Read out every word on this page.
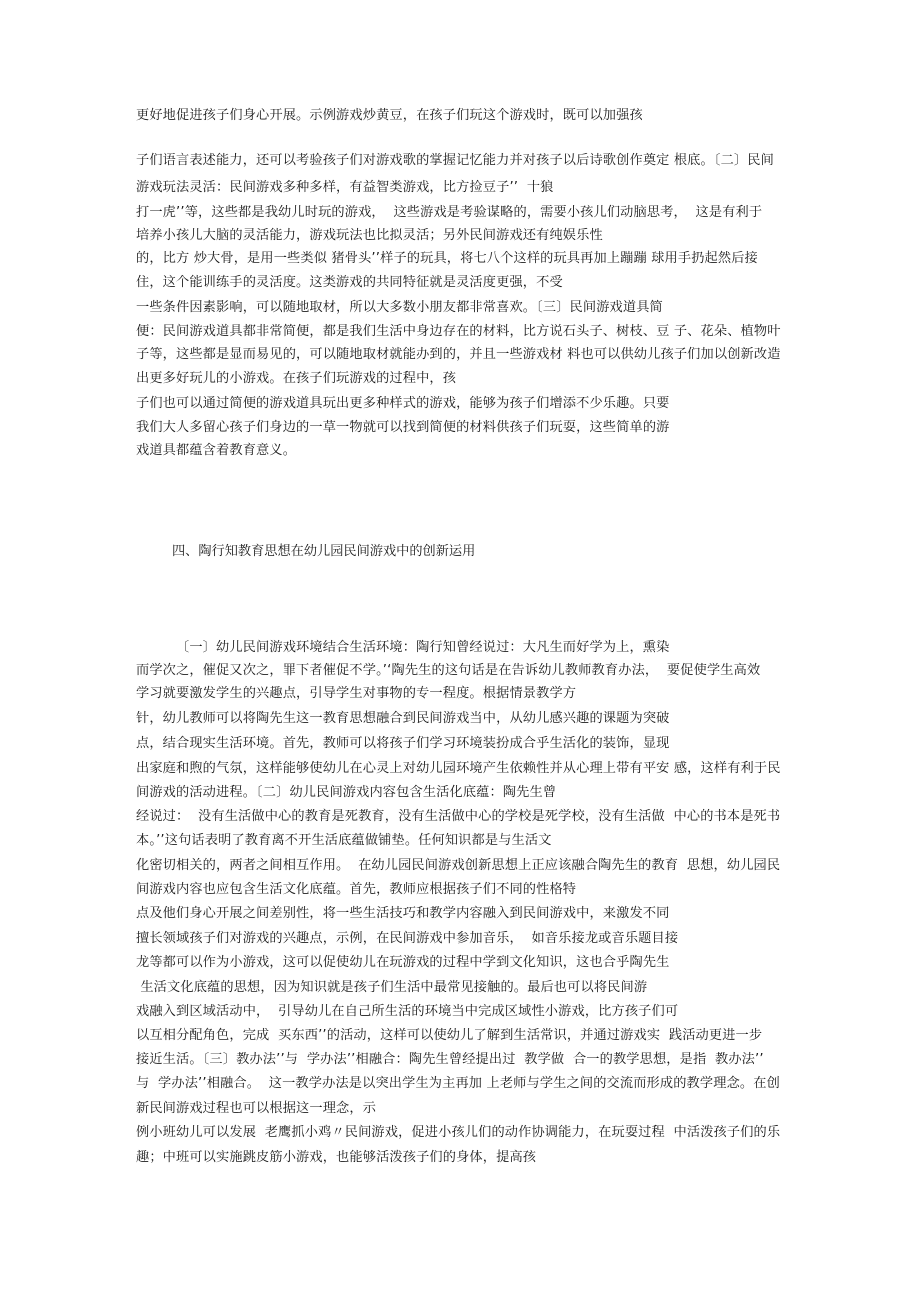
更好地促进孩子们身心开展。示例游戏炒黄豆，在孩子们玩这个游戏时，既可以加强孩
子们语言表述能力，还可以考验孩子们对游戏歌的掌握记忆能力并对孩子以后诗歌创作奠定 根底。〔二〕民间
游戏玩法灵活：民间游戏多种多样，有益智类游戏，比方捡豆子’’  十狼
打一虎’’等，这些都是我幼儿时玩的游戏，  这些游戏是考验谋略的，需要小孩儿们动脑思考，  这是有利于
培养小孩儿大脑的灵活能力，游戏玩法也比拟灵活；另外民间游戏还有纯娱乐性
的，比方 炒大骨，是用一些类似 猪骨头’’样子的玩具，将七八个这样的玩具再加上蹦蹦 球用手扔起然后接
住，这个能训练手的灵活度。这类游戏的共同特征就是灵活度更强，不受
一些条件因素影响，可以随地取材，所以大多数小朋友都非常喜欢。〔三〕民间游戏道具简
便：民间游戏道具都非常简便，都是我们生活中身边存在的材料，比方说石头子、树枝、豆 子、花朵、植物叶
子等，这些都是显而易见的，可以随地取材就能办到的，并且一些游戏材 料也可以供幼儿孩子们加以创新改造
出更多好玩儿的小游戏。在孩子们玩游戏的过程中，孩
子们也可以通过简便的游戏道具玩出更多种样式的游戏，能够为孩子们增添不少乐趣。只要
我们大人多留心孩子们身边的一草一物就可以找到简便的材料供孩子们玩耍，这些简单的游
戏道具都蕴含着教育意义。
四、陶行知教育思想在幼儿园民间游戏中的创新运用
〔一〕幼儿民间游戏环境结合生活环境：陶行知曾经说过：大凡生而好学为上，熏染
而学次之，催促又次之，罪下者催促不学。’‘陶先生的这句话是在告诉幼儿教师教育办法，  要促使学生高效
学习就要激发学生的兴趣点，引导学生对事物的专一程度。根据情景教学方
针，幼儿教师可以将陶先生这一教育思想融合到民间游戏当中，从幼儿感兴趣的课题为突破
点，结合现实生活环境。首先，教师可以将孩子们学习环境装扮成合乎生活化的装饰，显现
出家庭和煦的气氛，这样能够使幼儿在心灵上对幼儿园环境产生依赖性并从心理上带有平安 感，这样有利于民
间游戏的活动进程。〔二〕幼儿民间游戏内容包含生活化底蕴：陶先生曾
经说过：  没有生活做中心的教育是死教育，没有生活做中心的学校是死学校，没有生活做  中心的书本是死书
本。’’这句话表明了教育离不开生活底蕴做铺垫。任何知识都是与生活文
化密切相关的，两者之间相互作用。  在幼儿园民间游戏创新思想上正应该融合陶先生的教育  思想，幼儿园民
间游戏内容也应包含生活文化底蕴。首先，教师应根据孩子们不同的性格特
点及他们身心开展之间差别性，将一些生活技巧和教学内容融入到民间游戏中，来激发不同
擅长领域孩子们对游戏的兴趣点，示例，在民间游戏中参加音乐，  如音乐接龙或音乐题目接
龙等都可以作为小游戏，这可以促使幼儿在玩游戏的过程中学到文化知识，这也合乎陶先生
生活文化底蕴的思想，因为知识就是孩子们生活中最常见接触的。最后也可以将民间游
戏融入到区域活动中，  引导幼儿在自己所生活的环境当中完成区域性小游戏，比方孩子们可
以互相分配角色，完成  买东西’’的活动，这样可以使幼儿了解到生活常识，并通过游戏实  践活动更进一步
接近生活。〔三〕教办法’’与  学办法’’相融合：陶先生曾经提出过  教学做  合一的教学思想，是指  教办法’’
与  学办法’’相融合。  这一教学办法是以突出学生为主再加 上老师与学生之间的交流而形成的教学理念。在创
新民间游戏过程也可以根据这一理念，示
例小班幼儿可以发展  老鹰抓小鸡〃民间游戏，促进小孩儿们的动作协调能力，在玩耍过程  中活泼孩子们的乐
趣；中班可以实施跳皮筋小游戏，也能够活泼孩子们的身体，提高孩
